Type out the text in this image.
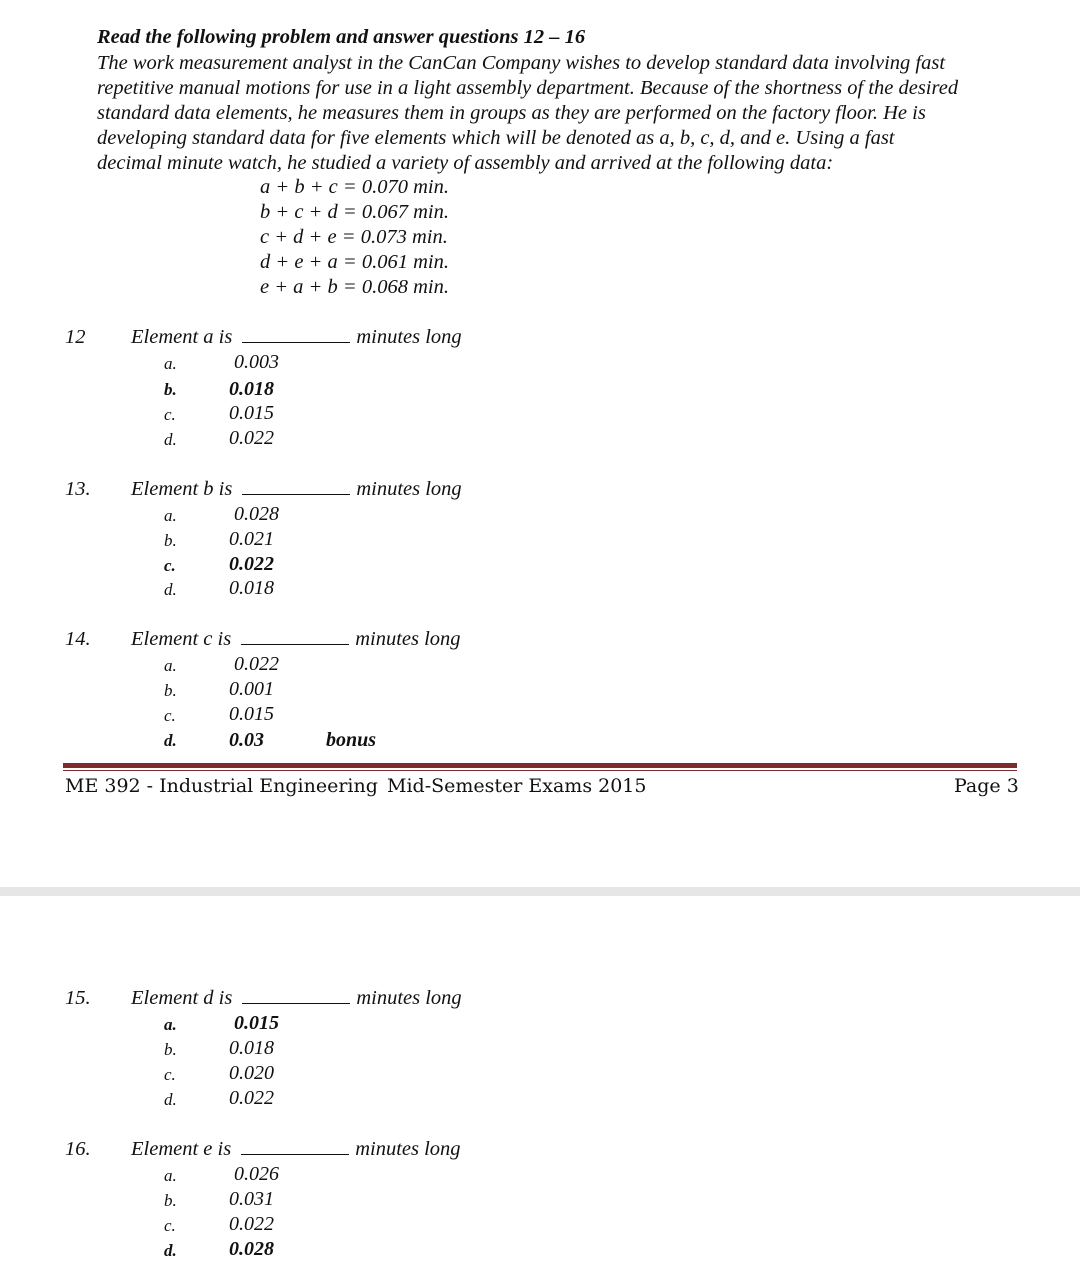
Read the following problem and answer questions 12 – 16
The work measurement analyst in the CanCan Company wishes to develop standard data involving fast
repetitive manual motions for use in a light assembly department. Because of the shortness of the desired
standard data elements, he measures them in groups as they are performed on the factory floor. He is
developing standard data for five elements which will be denoted as a, b, c, d, and e. Using a fast
decimal minute watch, he studied a variety of assembly and arrived at the following data:
a + b + c = 0.070 min.
b + c + d = 0.067 min.
c + d + e = 0.073 min.
d + e + a = 0.061 min.
e + a + b = 0.068 min.
12 Element a is	minutes long
a.	0.003
b.	0.018
c.	0.015
d.	0.022
13. Element b is	minutes long
a.	0.028
b.	0.021
c.	0.022
d.	0.018
14. Element c is	minutes long
a.	0.022
b.	0.001
c.	0.015
d.	0.03	bonus
ME 392 - Industrial Engineering Mid-Semester Exams 2015	Page 3
15. Element d is	minutes long
a.	0.015
b.	0.018
c.	0.020
d.	0.022
16. Element e is	minutes long
a.	0.026
b.	0.031
c.	0.022
d.	0.028
